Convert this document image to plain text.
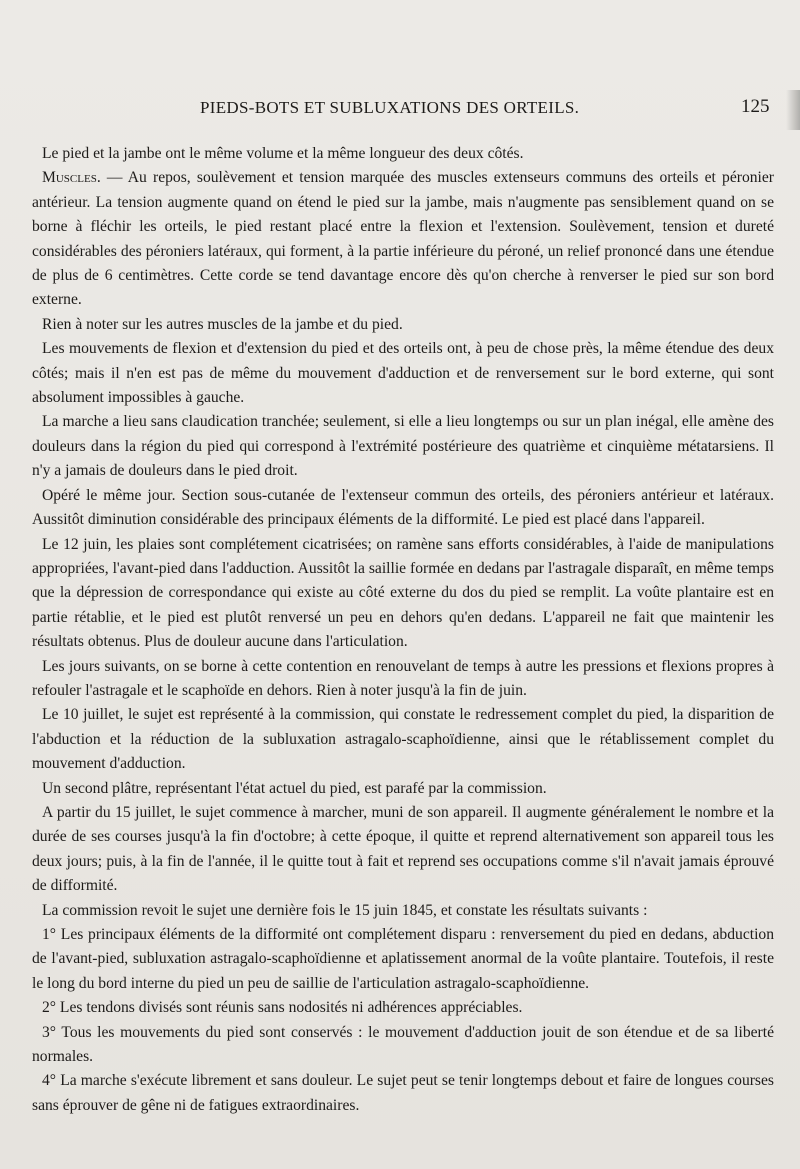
PIEDS-BOTS ET SUBLUXATIONS DES ORTEILS.	125

Le pied et la jambe ont le même volume et la même longueur des deux côtés.

Muscles. — Au repos, soulèvement et tension marquée des muscles extenseurs communs des orteils et péronier antérieur. La tension augmente quand on étend le pied sur la jambe, mais n'augmente pas sensiblement quand on se borne à fléchir les orteils, le pied restant placé entre la flexion et l'extension. Soulèvement, tension et dureté considérables des péroniers latéraux, qui forment, à la partie inférieure du péroné, un relief prononcé dans une étendue de plus de 6 centimètres. Cette corde se tend davantage encore dès qu'on cherche à renverser le pied sur son bord externe.

Rien à noter sur les autres muscles de la jambe et du pied.

Les mouvements de flexion et d'extension du pied et des orteils ont, à peu de chose près, la même étendue des deux côtés; mais il n'en est pas de même du mouvement d'adduction et de renversement sur le bord externe, qui sont absolument impossibles à gauche.

La marche a lieu sans claudication tranchée; seulement, si elle a lieu longtemps ou sur un plan inégal, elle amène des douleurs dans la région du pied qui correspond à l'extrémité postérieure des quatrième et cinquième métatarsiens. Il n'y a jamais de douleurs dans le pied droit.

Opéré le même jour. Section sous-cutanée de l'extenseur commun des orteils, des péroniers antérieur et latéraux. Aussitôt diminution considérable des principaux éléments de la difformité. Le pied est placé dans l'appareil.

Le 12 juin, les plaies sont complétement cicatrisées; on ramène sans efforts considérables, à l'aide de manipulations appropriées, l'avant-pied dans l'adduction. Aussitôt la saillie formée en dedans par l'astragale disparaît, en même temps que la dépression de correspondance qui existe au côté externe du dos du pied se remplit. La voûte plantaire est en partie rétablie, et le pied est plutôt renversé un peu en dehors qu'en dedans. L'appareil ne fait que maintenir les résultats obtenus. Plus de douleur aucune dans l'articulation.

Les jours suivants, on se borne à cette contention en renouvelant de temps à autre les pressions et flexions propres à refouler l'astragale et le scaphoïde en dehors. Rien à noter jusqu'à la fin de juin.

Le 10 juillet, le sujet est représenté à la commission, qui constate le redressement complet du pied, la disparition de l'abduction et la réduction de la subluxation astragalo-scaphoïdienne, ainsi que le rétablissement complet du mouvement d'adduction.

Un second plâtre, représentant l'état actuel du pied, est parafé par la commission.

A partir du 15 juillet, le sujet commence à marcher, muni de son appareil. Il augmente généralement le nombre et la durée de ses courses jusqu'à la fin d'octobre; à cette époque, il quitte et reprend alternativement son appareil tous les deux jours; puis, à la fin de l'année, il le quitte tout à fait et reprend ses occupations comme s'il n'avait jamais éprouvé de difformité.

La commission revoit le sujet une dernière fois le 15 juin 1845, et constate les résultats suivants :

1° Les principaux éléments de la difformité ont complétement disparu : renversement du pied en dedans, abduction de l'avant-pied, subluxation astragalo-scaphoïdienne et aplatissement anormal de la voûte plantaire. Toutefois, il reste le long du bord interne du pied un peu de saillie de l'articulation astragalo-scaphoïdienne.

2° Les tendons divisés sont réunis sans nodosités ni adhérences appréciables.

3° Tous les mouvements du pied sont conservés : le mouvement d'adduction jouit de son étendue et de sa liberté normales.

4° La marche s'exécute librement et sans douleur. Le sujet peut se tenir longtemps debout et faire de longues courses sans éprouver de gêne ni de fatigues extraordinaires.
